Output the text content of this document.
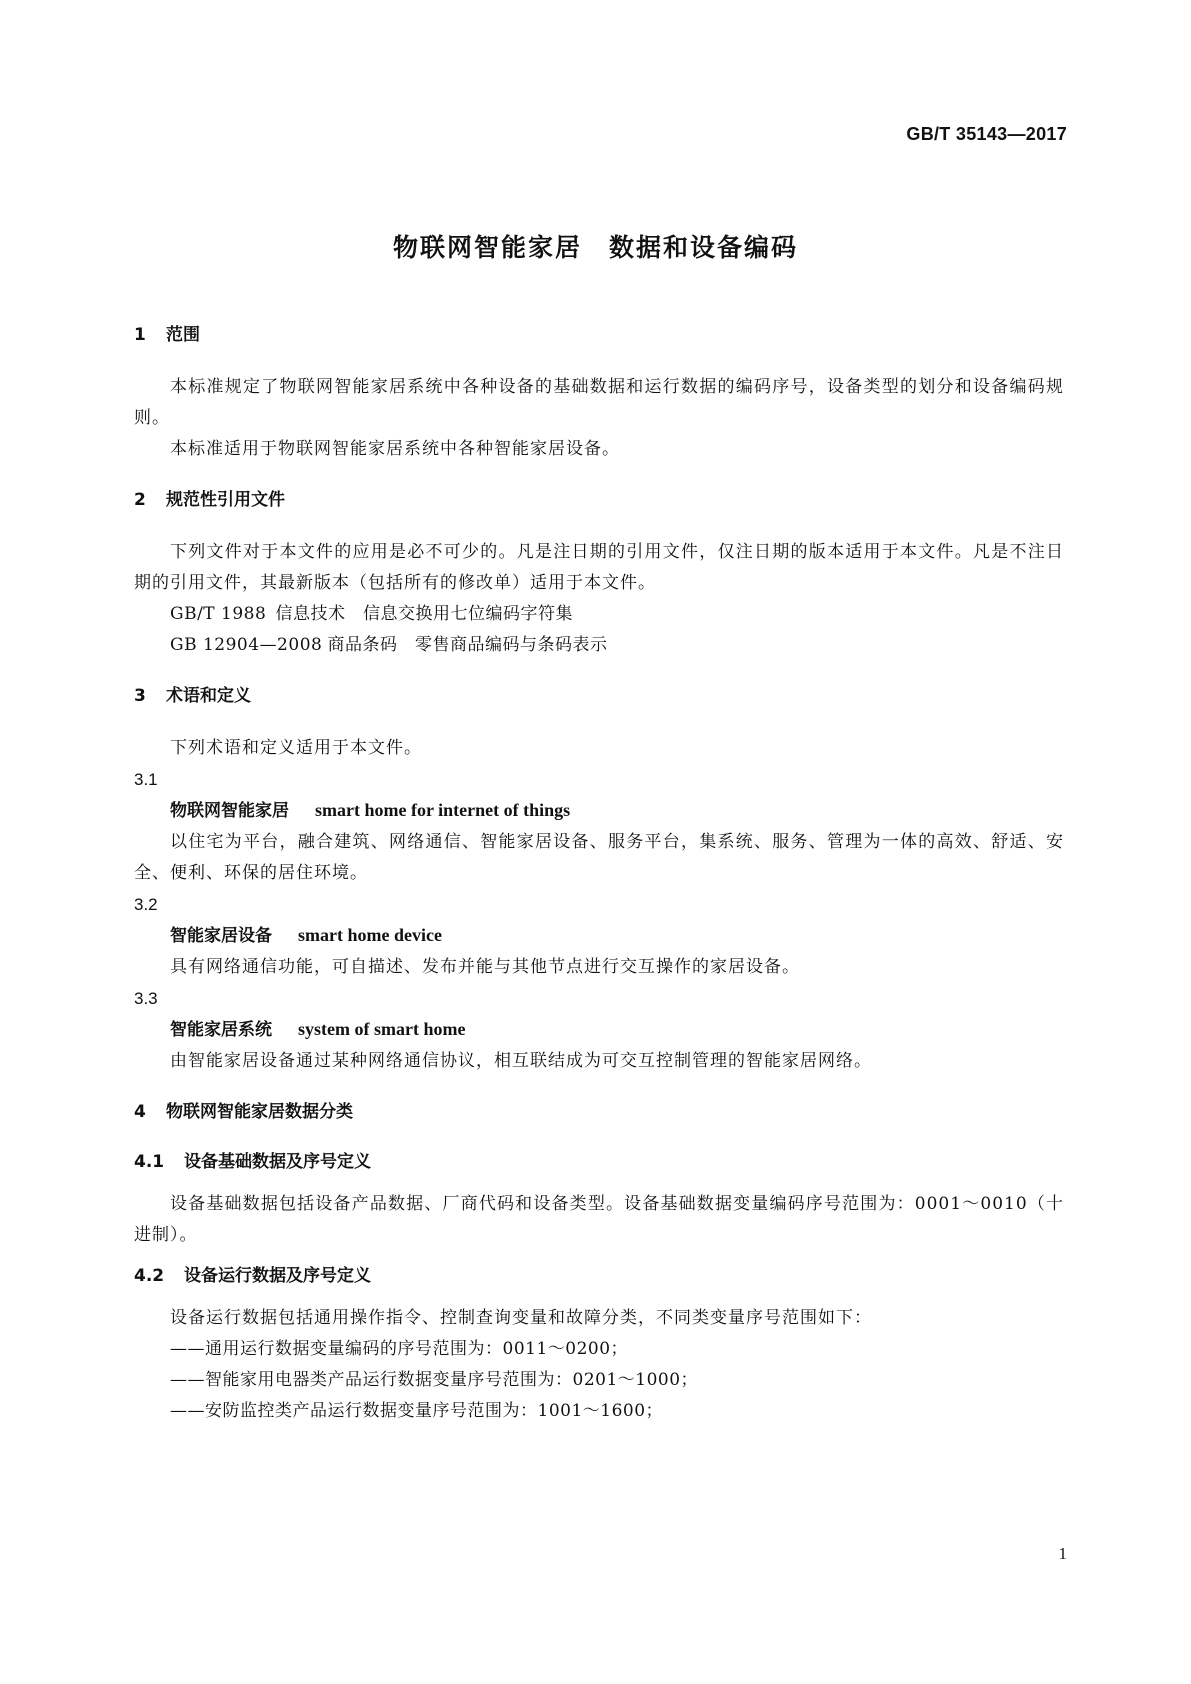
GB/T 35143—2017
物联网智能家居　数据和设备编码
1 范围
本标准规定了物联网智能家居系统中各种设备的基础数据和运行数据的编码序号，设备类型的划分和设备编码规则。
本标准适用于物联网智能家居系统中各种智能家居设备。
2 规范性引用文件
下列文件对于本文件的应用是必不可少的。凡是注日期的引用文件，仅注日期的版本适用于本文件。凡是不注日期的引用文件，其最新版本（包括所有的修改单）适用于本文件。
GB/T 1988　 信息技术　信息交换用七位编码字符集
GB 12904—2008　 商品条码　零售商品编码与条码表示
3 术语和定义
下列术语和定义适用于本文件。
3.1
物联网智能家居 smart home for internet of things
以住宅为平台，融合建筑、网络通信、智能家居设备、服务平台，集系统、服务、管理为一体的高效、舒适、安全、便利、环保的居住环境。
3.2
智能家居设备 smart home device
具有网络通信功能，可自描述、发布并能与其他节点进行交互操作的家居设备。
3.3
智能家居系统 system of smart home
由智能家居设备通过某种网络通信协议，相互联结成为可交互控制管理的智能家居网络。
4 物联网智能家居数据分类
4.1 设备基础数据及序号定义
设备基础数据包括设备产品数据、厂商代码和设备类型。设备基础数据变量编码序号范围为：0001～0010（十进制）。
4.2 设备运行数据及序号定义
设备运行数据包括通用操作指令、控制查询变量和故障分类，不同类变量序号范围如下：
——通用运行数据变量编码的序号范围为：0011～0200；
——智能家用电器类产品运行数据变量序号范围为：0201～1000；
——安防监控类产品运行数据变量序号范围为：1001～1600；
1
